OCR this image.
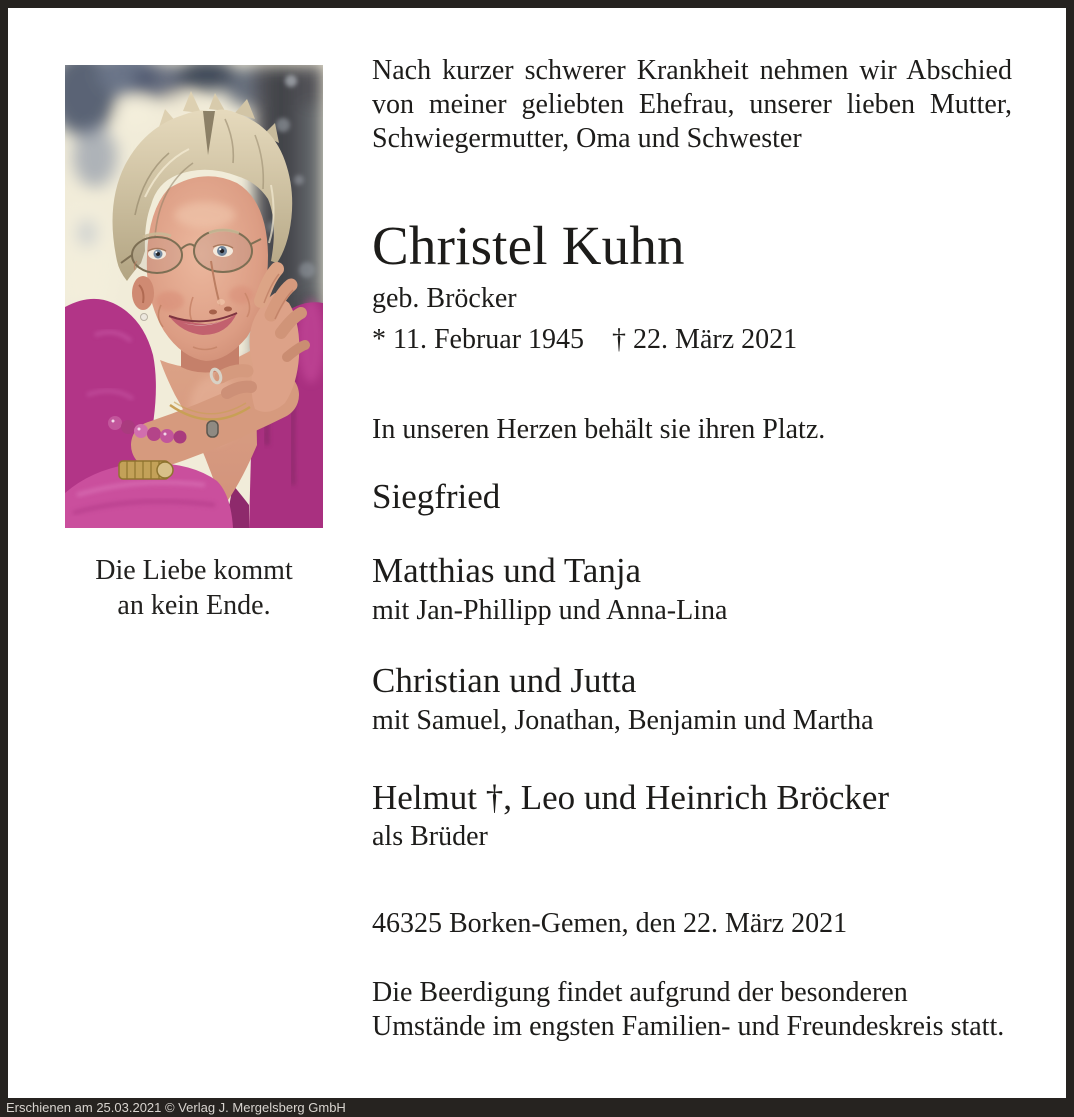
Die Liebe kommt
an kein Ende.
Nach kurzer schwerer Krankheit nehmen wir Abschied
von meiner geliebten Ehefrau, unserer lieben Mutter,
Schwiegermutter, Oma und Schwester
Christel Kuhn
geb. Bröcker
* 11. Februar 1945 † 22. März 2021
In unseren Herzen behält sie ihren Platz.
Siegfried
Matthias und Tanja
mit Jan-Phillipp und Anna-Lina
Christian und Jutta
mit Samuel, Jonathan, Benjamin und Martha
Helmut †, Leo und Heinrich Bröcker
als Brüder
46325 Borken-Gemen, den 22. März 2021
Die Beerdigung findet aufgrund der besonderen
Umstände im engsten Familien- und Freundeskreis statt.
Erschienen am 25.03.2021 © Verlag J. Mergelsberg GmbH
